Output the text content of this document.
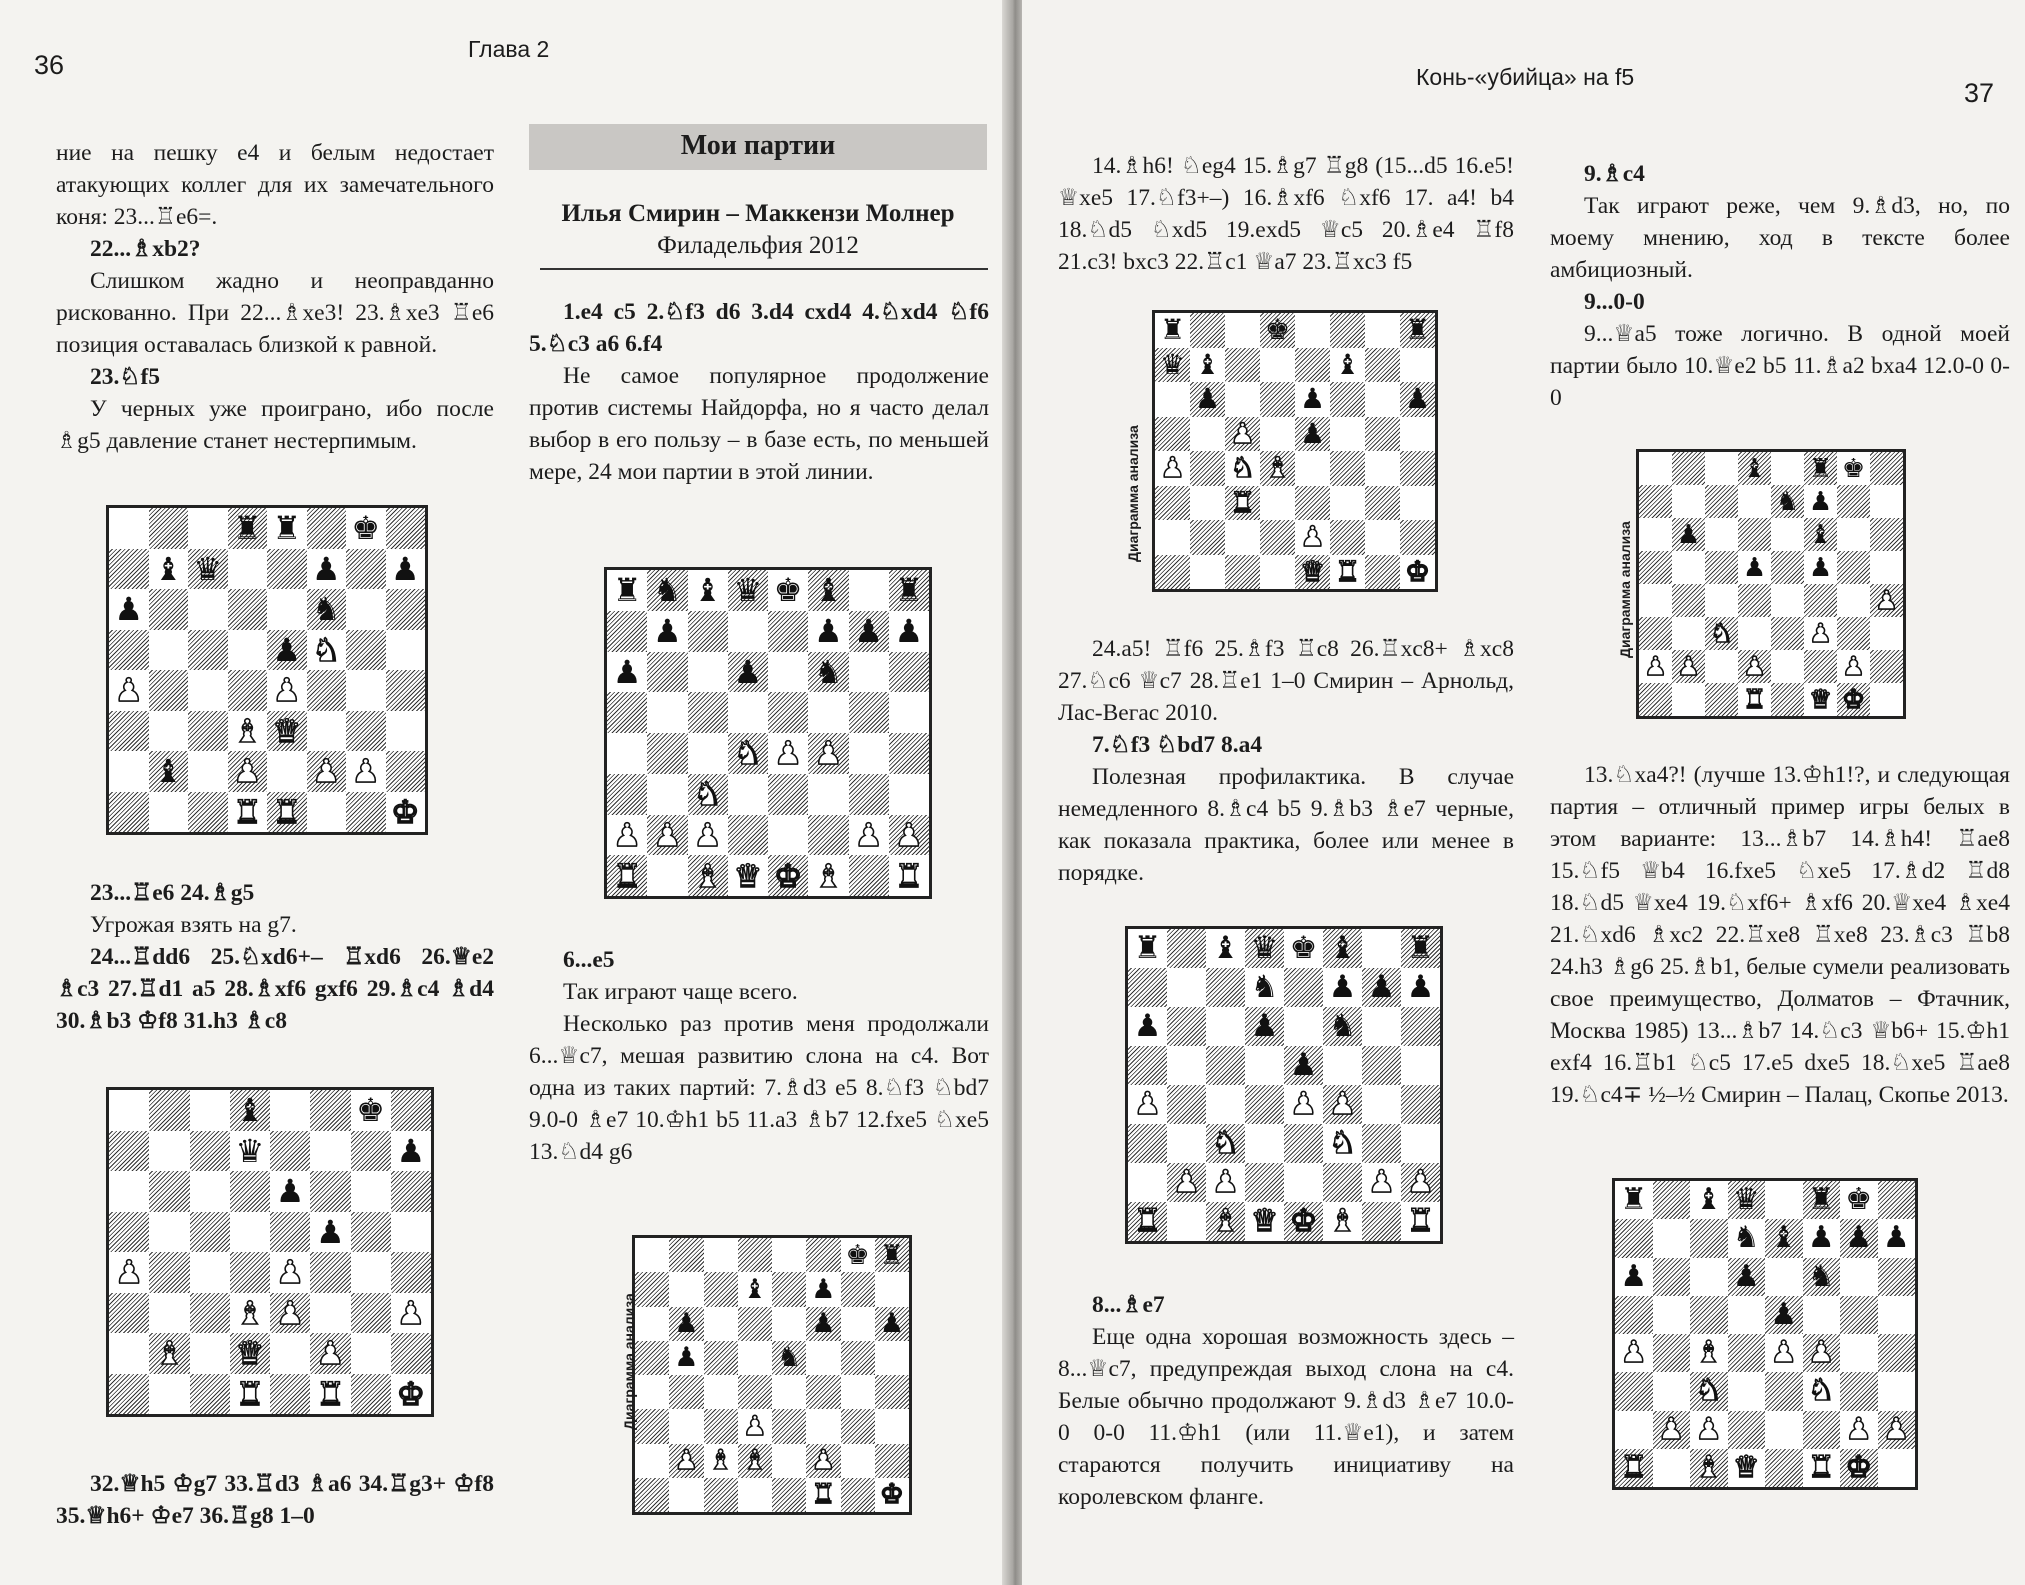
36
Глава 2

ние на пешку e4 и белым недостает атакующих коллег для их замечательного коня: 23...♖e6=.

22...♗xb2?

Слишком жадно и неоправданно рискованно. При 22...♗xe3! 23.♗xe3 ♖e6 позиция оставалась близкой к равной.

23.♘f5

У черных уже проиграно, ибо после ♗g5 давление станет нестерпимым.

♜ ♜ ♚
♝ ♛	♟ ♟
♟	♞
♟ ♞
♟	♟
♝ ♛
♝ ♟ ♟ ♟
♜ ♜	♚

23...♖e6 24.♗g5

Угрожая взять на g7.

24...♖dd6 25.♘xd6+– ♖xd6 26.♕e2 ♗c3 27.♖d1 a5 28.♗xf6 gxf6 29.♗c4 ♗d4 30.♗b3 ♔f8 31.h3 ♗c8

♝	♚
♛	♟
♟
♟
♟	♟
♝ ♟	♟
♝ ♛ ♟
♜ ♜ ♚

32.♕h5 ♔g7 33.♖d3 ♗a6 34.♖g3+ ♔f8 35.♕h6+ ♔e7 36.♖g8 1–0

Мои партии
Илья Смирин – Маккензи Молнер
Филадельфия 2012

1.e4 c5 2.♘f3 d6 3.d4 cxd4 4.♘xd4 ♘f6 5.♘c3 a6 6.f4

Не самое популярное продолжение против системы Найдорфа, но я часто делал выбор в его пользу – в базе есть, по меньшей мере, 24 мои партии в этой линии.

♜ ♞ ♝ ♛ ♚ ♝ ♜
♟	♟ ♟ ♟
♟	♟ ♞
♞ ♟ ♟
♞
♟ ♟ ♟	♟ ♟
♜ ♝ ♛ ♚ ♝ ♜

6...e5

Так играют чаще всего.

Несколько раз против меня продолжали 6...♕c7, мешая развитию слона на c4. Вот одна из таких партий: 7.♗d3 e5 8.♘f3 ♘bd7 9.0-0 ♗e7 10.♔h1 b5 11.a3 ♗b7 12.fxe5 ♘xe5 13.♘d4 g6

♚ ♜
♝ ♟
♟	♟ ♟
♟	♞
♟
♟ ♝ ♝ ♟
♜ ♚
Диаграмма анализа
Конь-«убийца» на f5
37

14.♗h6! ♘eg4 15.♗g7 ♖g8 (15...d5 16.e5! ♕xe5 17.♘f3+–) 16.♗xf6 ♘xf6 17. a4! b4 18.♘d5 ♘xd5 19.exd5 ♕c5 20.♗e4 ♖f8 21.c3! bxc3 22.♖c1 ♕a7 23.♖xc3 f5

♜	♚	♜
♛ ♝	♝
♟	♟	♟
♟ ♟
♟ ♞ ♝
♜
♟
♛ ♜ ♚
Диаграмма анализа

24.a5! ♖f6 25.♗f3 ♖c8 26.♖xc8+ ♗xc8 27.♘c6 ♕c7 28.♖e1 1–0 Смирин – Арнольд, Лас-Вегас 2010.

7.♘f3 ♘bd7 8.a4

Полезная профилактика. В случае немедленного 8.♗c4 b5 9.♗b3 ♗e7 черные, как показала практика, более или менее в порядке.

♜ ♝ ♛ ♚ ♝ ♜
♞ ♟ ♟ ♟
♟	♟ ♞
♟
♟	♟ ♟
♞	♞
♟ ♟	♟ ♟
♜ ♝ ♛ ♚ ♝ ♜

8...♗e7

Еще одна хорошая возможность здесь – 8...♕c7, предупреждая выход слона на c4. Белые обычно продолжают 9.♗d3 ♗e7 10.0-0 0-0 11.♔h1 (или 11.♕e1), и затем стараются получить инициативу на королевском фланге.

9.♗c4

Так играют реже, чем 9.♗d3, но, по моему мнению, ход в тексте более амбициозный.

9...0-0

9...♕a5 тоже логично. В одной моей партии было 10.♕e2 b5 11.♗a2 bxa4 12.0-0 0-0

♝ ♜ ♚
♞ ♟
♟	♝
♟ ♟
♟
♞	♟
♟ ♟ ♟	♟
♜ ♛ ♚
Диаграмма анализа

13.♘xa4?! (лучше 13.♔h1!?, и следующая партия – отличный пример игры белых в этом варианте: 13...♗b7 14.♗h4! ♖ae8 15.♘f5 ♕b4 16.fxe5 ♘xe5 17.♗d2 ♖d8 18.♘d5 ♕xe4 19.♘xf6+ ♗xf6 20.♕xe4 ♗xe4 21.♘xd6 ♗xc2 22.♖xe8 ♖xe8 23.♗c3 ♖b8 24.h3 ♗g6 25.♗b1, белые сумели реализовать свое преимущество, Долматов – Фтачник, Москва 1985) 13...♗b7 14.♘c3 ♕b6+ 15.♔h1 exf4 16.♖b1 ♘c5 17.e5 dxe5 18.♘xe5 ♖ae8 19.♘c4∓ ½–½ Смирин – Палац, Скопье 2013.

♜ ♝ ♛ ♜ ♚
♞ ♝ ♟ ♟ ♟
♟	♟ ♞
♟
♟ ♝ ♟ ♟
♞	♞
♟ ♟	♟ ♟
♜ ♝ ♛ ♜ ♚
